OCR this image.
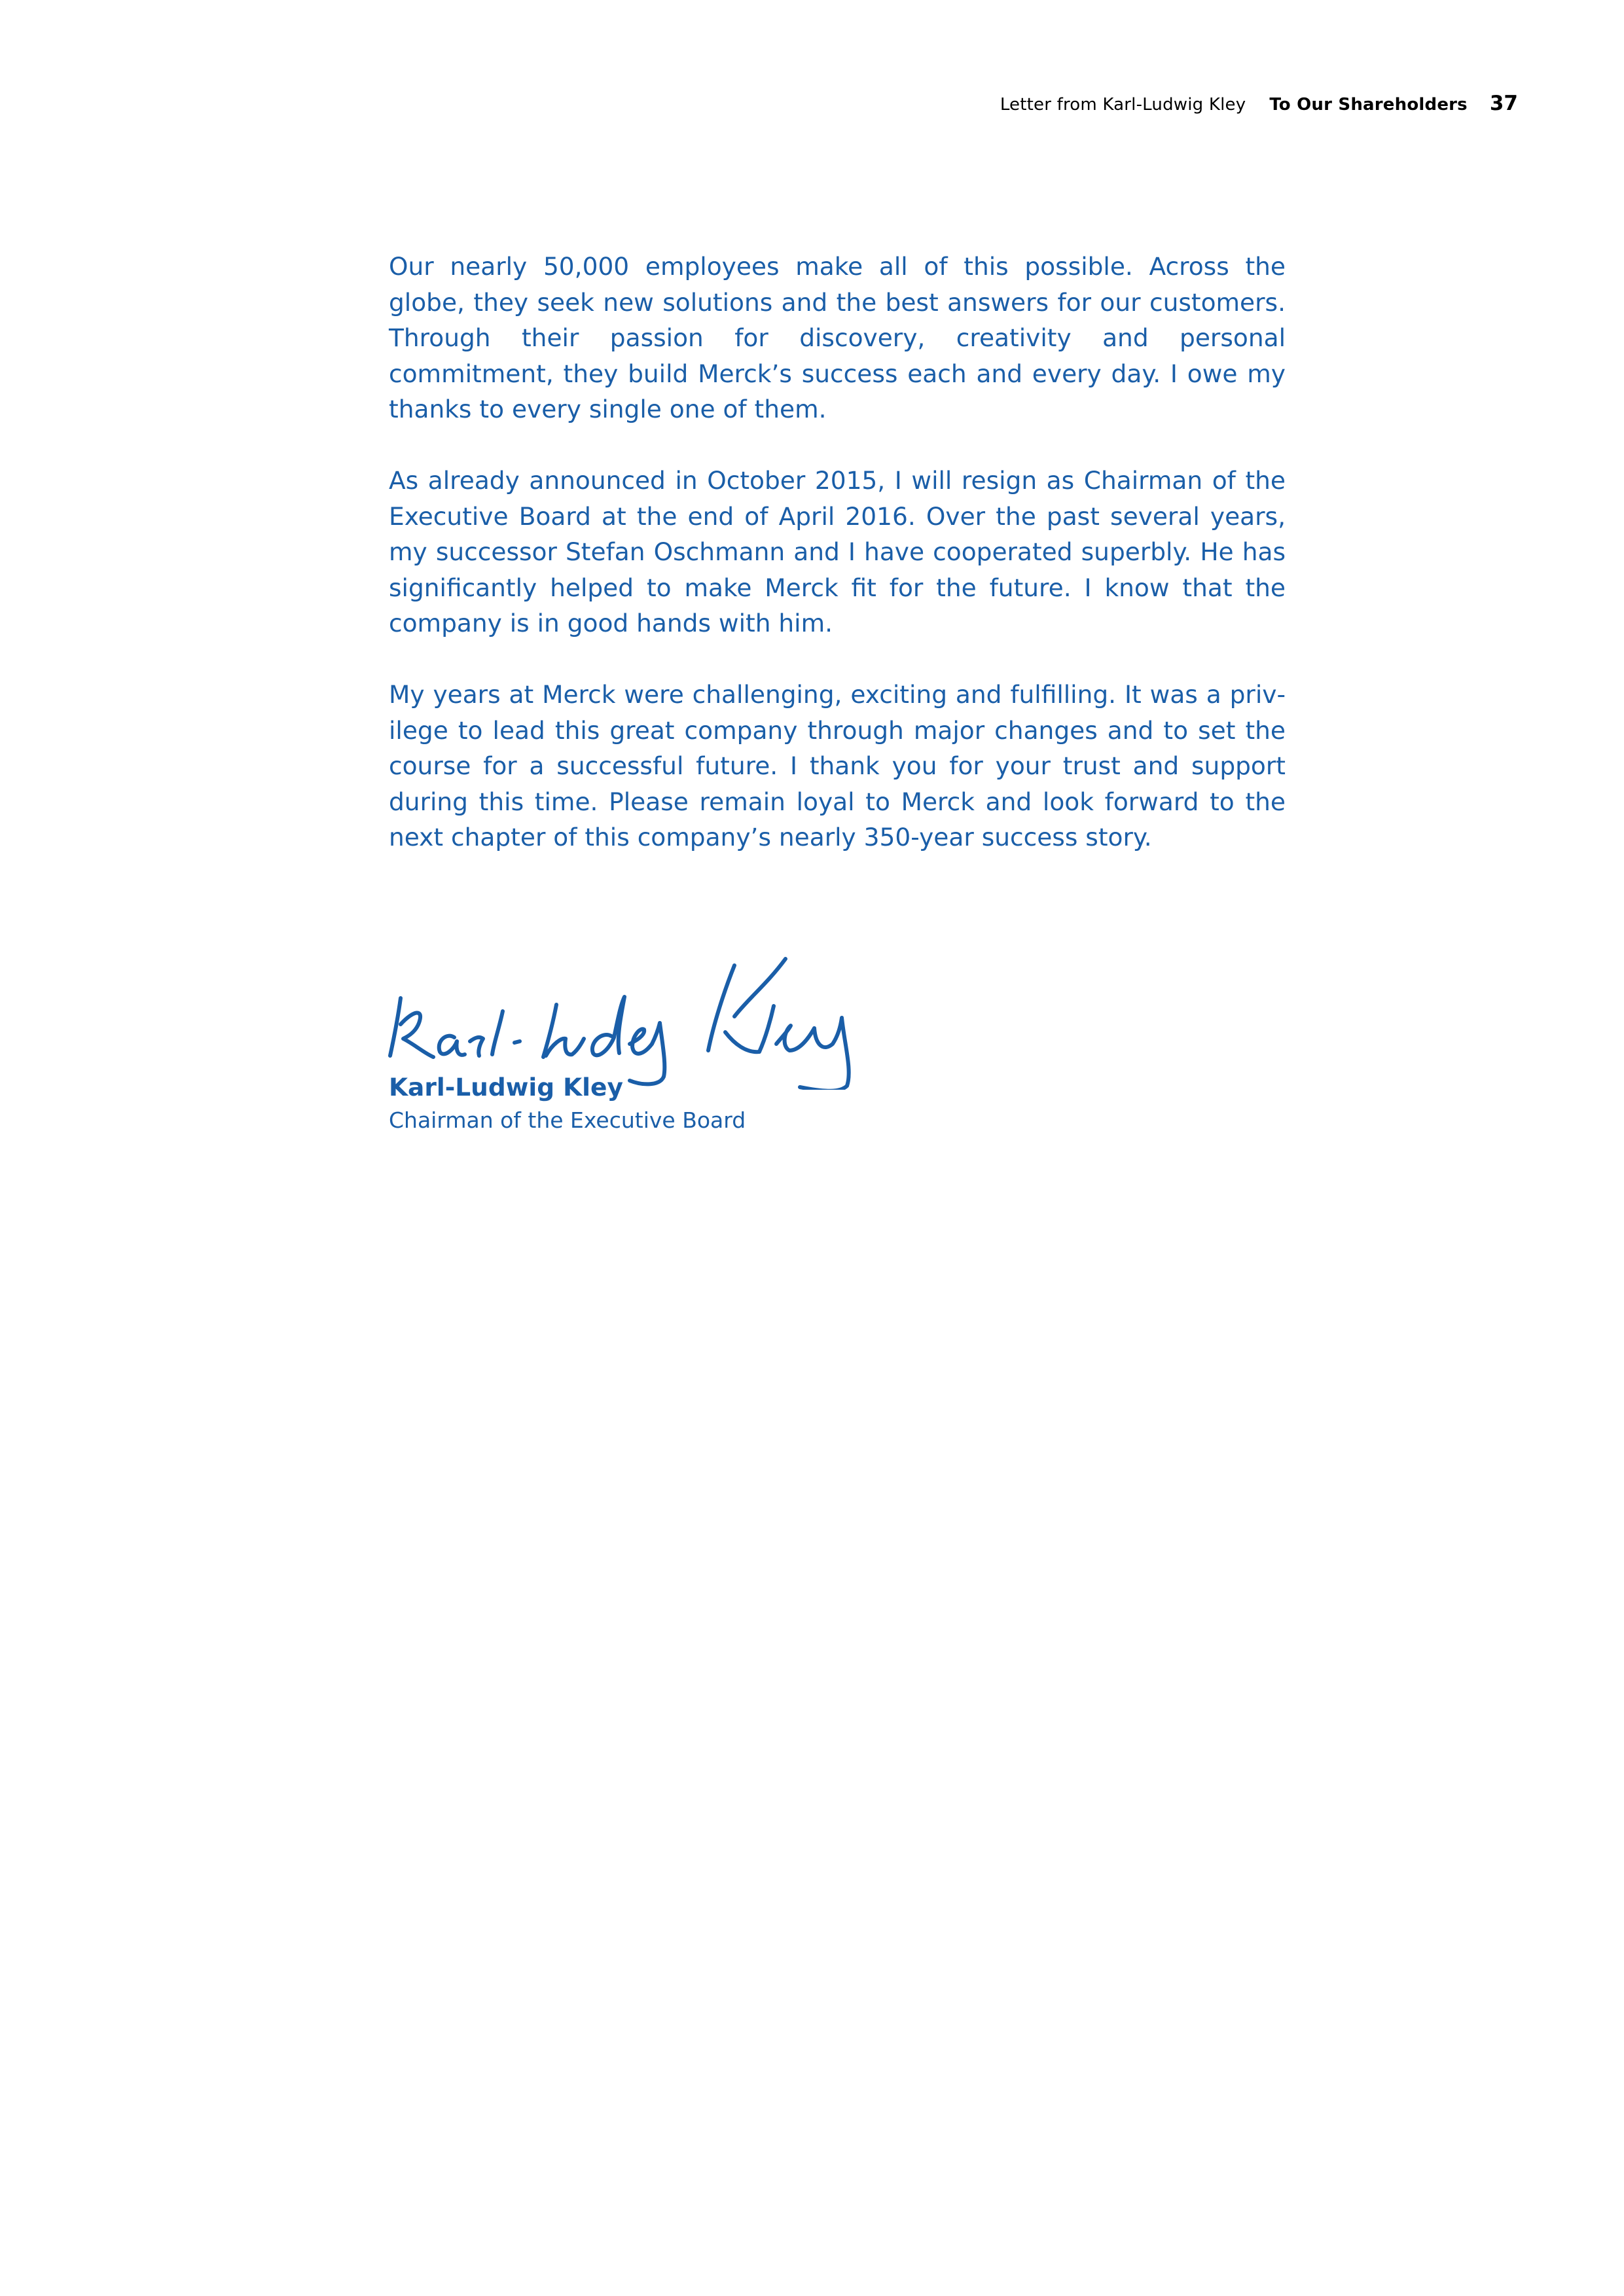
Letter from Karl-Ludwig Kley To Our Shareholders 37

Our nearly 50,000 employees make all of this possible. Across the globe, they seek new solutions and the best answers for our customers. Through their passion for discovery, creativity and personal commitment, they build Merck’s success each and every day. I owe my thanks to every single one of them.

As already announced in October 2015, I will resign as Chairman of the Executive Board at the end of April 2016. Over the past several years, my successor Stefan Oschmann and I have cooperated superbly. He has significantly helped to make Merck fit for the future. I know that the company is in good hands with him.

My years at Merck were challenging, exciting and fulfilling. It was a privilege to lead this great company through major changes and to set the course for a successful future. I thank you for your trust and support during this time. Please remain loyal to Merck and look forward to the next chapter of this company’s nearly 350-year success story.

Karl-Ludwig Kley
Chairman of the Executive Board
